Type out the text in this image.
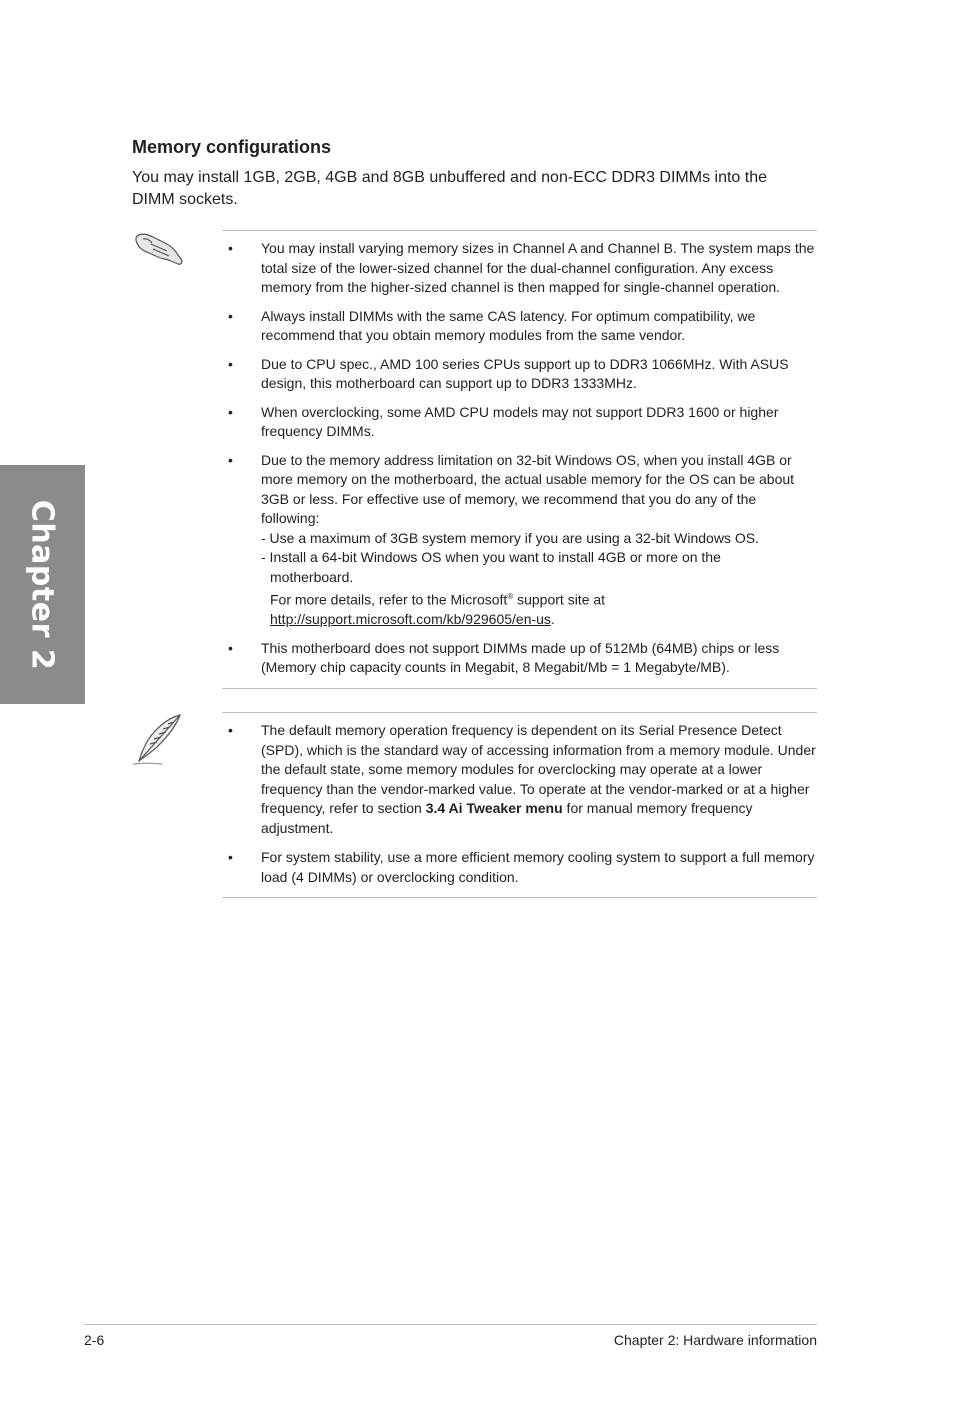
Chapter 2
Memory configurations

You may install 1GB, 2GB, 4GB and 8GB unbuffered and non-ECC DDR3 DIMMs into the DIMM sockets.

• You may install varying memory sizes in Channel A and Channel B. The system maps the total size of the lower-sized channel for the dual-channel configuration. Any excess memory from the higher-sized channel is then mapped for single-channel operation.
• Always install DIMMs with the same CAS latency. For optimum compatibility, we recommend that you obtain memory modules from the same vendor.
• Due to CPU spec., AMD 100 series CPUs support up to DDR3 1066MHz. With ASUS design, this motherboard can support up to DDR3 1333MHz.
• When overclocking, some AMD CPU models may not support DDR3 1600 or higher frequency DIMMs.
• Due to the memory address limitation on 32-bit Windows OS, when you install 4GB or more memory on the motherboard, the actual usable memory for the OS can be about 3GB or less. For effective use of memory, we recommend that you do any of the following:
- Use a maximum of 3GB system memory if you are using a 32-bit Windows OS.
- Install a 64-bit Windows OS when you want to install 4GB or more on the
motherboard.
For more details, refer to the Microsoft® support site at
http://support.microsoft.com/kb/929605/en-us.
• This motherboard does not support DIMMs made up of 512Mb (64MB) chips or less (Memory chip capacity counts in Megabit, 8 Megabit/Mb = 1 Megabyte/MB).
• The default memory operation frequency is dependent on its Serial Presence Detect (SPD), which is the standard way of accessing information from a memory module. Under the default state, some memory modules for overclocking may operate at a lower frequency than the vendor-marked value. To operate at the vendor-marked or at a higher frequency, refer to section 3.4 Ai Tweaker menu for manual memory frequency adjustment.
• For system stability, use a more efficient memory cooling system to support a full memory load (4 DIMMs) or overclocking condition.
2-6	Chapter 2: Hardware information
